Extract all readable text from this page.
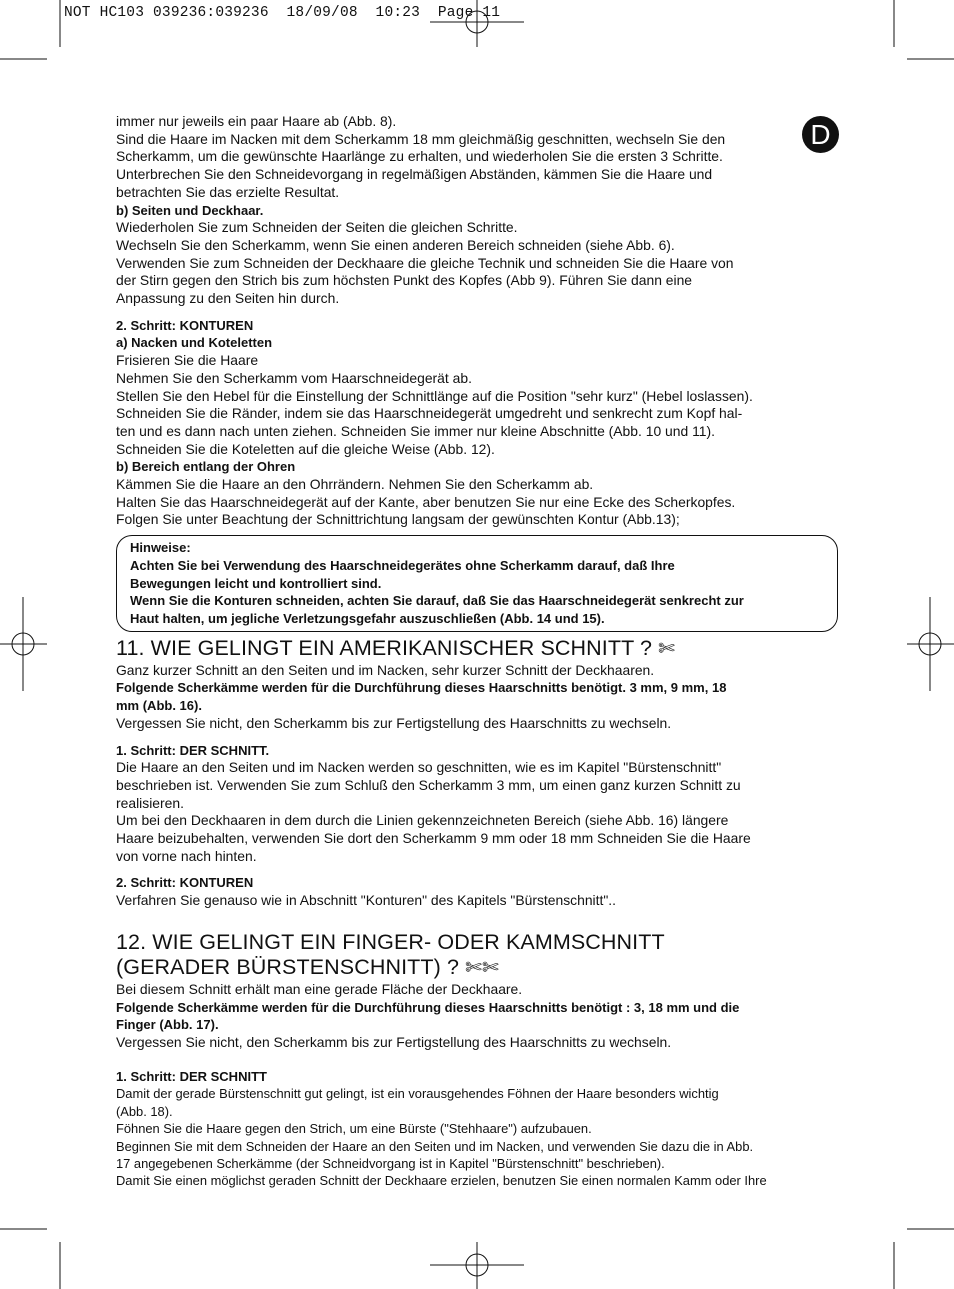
NOT HC103 039236:039236  18/09/08  10:23  Page 11
D

immer nur jeweils ein paar Haare ab (Abb. 8).

Sind die Haare im Nacken mit dem Scherkamm 18 mm gleichmäßig geschnitten, wechseln Sie den

Scherkamm, um die gewünschte Haarlänge zu erhalten, und wiederholen Sie die ersten 3 Schritte.

Unterbrechen Sie den Schneidevorgang in regelmäßigen Abständen, kämmen Sie die Haare und

betrachten Sie das erzielte Resultat.

b) Seiten und Deckhaar.

Wiederholen Sie zum Schneiden der Seiten die gleichen Schritte.

Wechseln Sie den Scherkamm, wenn Sie einen anderen Bereich schneiden (siehe Abb. 6).

Verwenden Sie zum Schneiden der Deckhaare die gleiche Technik und schneiden Sie die Haare von

der Stirn gegen den Strich bis zum höchsten Punkt des Kopfes (Abb 9). Führen Sie dann eine

Anpassung zu den Seiten hin durch.

2. Schritt: KONTUREN

a) Nacken und Koteletten

Frisieren Sie die Haare

Nehmen Sie den Scherkamm vom Haarschneidegerät ab.

Stellen Sie den Hebel für die Einstellung der Schnittlänge auf die Position "sehr kurz" (Hebel loslassen).

Schneiden Sie die Ränder, indem sie das Haarschneidegerät umgedreht und senkrecht zum Kopf hal-

ten und es dann nach unten ziehen. Schneiden Sie immer nur kleine Abschnitte (Abb. 10 und 11).

Schneiden Sie die Koteletten auf die gleiche Weise (Abb. 12).

b) Bereich entlang der Ohren

Kämmen Sie die Haare an den Ohrrändern. Nehmen Sie den Scherkamm ab.

Halten Sie das Haarschneidegerät auf der Kante, aber benutzen Sie nur eine Ecke des Scherkopfes.

Folgen Sie unter Beachtung der Schnittrichtung langsam der gewünschten Kontur (Abb.13);

Hinweise:

Achten Sie bei Verwendung des Haarschneidegerätes ohne Scherkamm darauf, daß Ihre

Bewegungen leicht und kontrolliert sind.

Wenn Sie die Konturen schneiden, achten Sie darauf, daß Sie das Haarschneidegerät senkrecht zur

Haut halten, um jegliche Verletzungsgefahr auszuschließen (Abb. 14 und 15).

11. WIE GELINGT EIN AMERIKANISCHER SCHNITT ? ✄

Ganz kurzer Schnitt an den Seiten und im Nacken, sehr kurzer Schnitt der Deckhaaren.

Folgende Scherkämme werden für die Durchführung dieses Haarschnitts benötigt. 3 mm, 9 mm, 18

mm (Abb. 16).

Vergessen Sie nicht, den Scherkamm bis zur Fertigstellung des Haarschnitts zu wechseln.

1. Schritt: DER SCHNITT.

Die Haare an den Seiten und im Nacken werden so geschnitten, wie es im Kapitel "Bürstenschnitt"

beschrieben ist. Verwenden Sie zum Schluß den Scherkamm 3 mm, um einen ganz kurzen Schnitt zu

realisieren.

Um bei den Deckhaaren in dem durch die Linien gekennzeichneten Bereich (siehe Abb. 16) längere

Haare beizubehalten, verwenden Sie dort den Scherkamm 9 mm oder 18 mm Schneiden Sie die Haare

von vorne nach hinten.

2. Schritt: KONTUREN

Verfahren Sie genauso wie in Abschnitt "Konturen" des Kapitels "Bürstenschnitt"..

12. WIE GELINGT EIN FINGER- ODER KAMMSCHNITT
(GERADER BÜRSTENSCHNITT) ? ✄✄

Bei diesem Schnitt erhält man eine gerade Fläche der Deckhaare.

Folgende Scherkämme werden für die Durchführung dieses Haarschnitts benötigt : 3, 18 mm und die

Finger (Abb. 17).

Vergessen Sie nicht, den Scherkamm bis zur Fertigstellung des Haarschnitts zu wechseln.

1. Schritt: DER SCHNITT

Damit der gerade Bürstenschnitt gut gelingt, ist ein vorausgehendes Föhnen der Haare besonders wichtig

(Abb. 18).

Föhnen Sie die Haare gegen den Strich, um eine Bürste ("Stehhaare") aufzubauen.

Beginnen Sie mit dem Schneiden der Haare an den Seiten und im Nacken, und verwenden Sie dazu die in Abb.

17 angegebenen Scherkämme (der Schneidvorgang ist in Kapitel "Bürstenschnitt" beschrieben).

Damit Sie einen möglichst geraden Schnitt der Deckhaare erzielen, benutzen Sie einen normalen Kamm oder Ihre
